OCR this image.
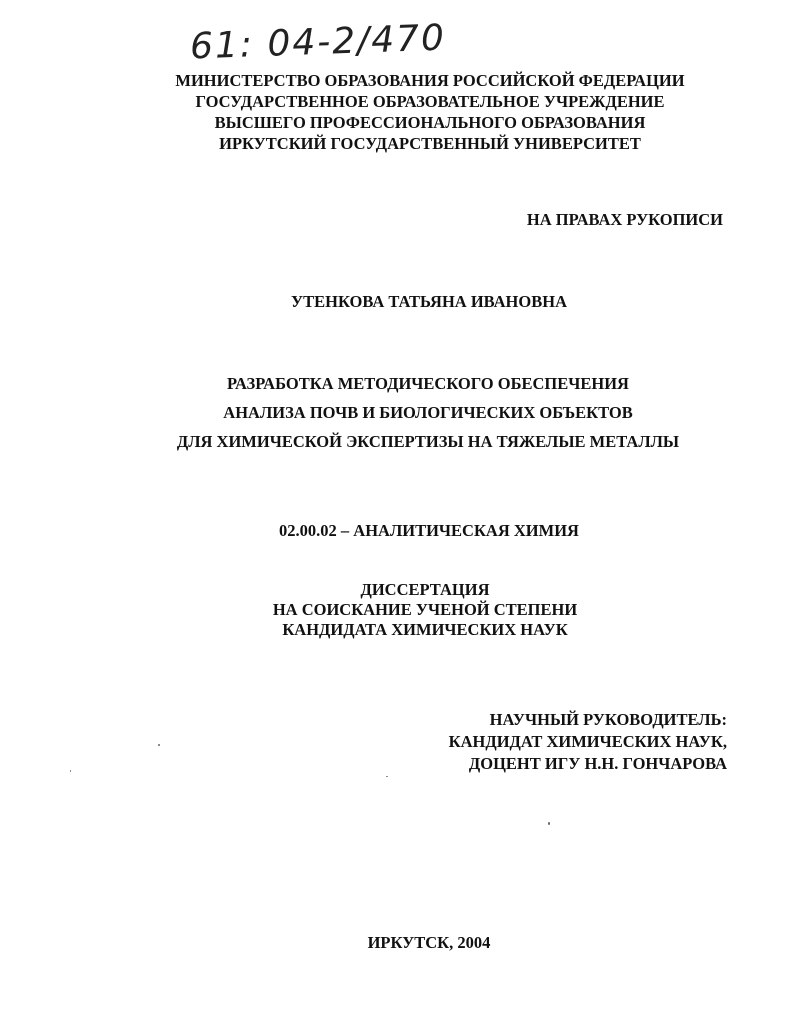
61: 04-2/470
МИНИСТЕРСТВО ОБРАЗОВАНИЯ РОССИЙСКОЙ ФЕДЕРАЦИИ
ГОСУДАРСТВЕННОЕ ОБРАЗОВАТЕЛЬНОЕ УЧРЕЖДЕНИЕ
ВЫСШЕГО ПРОФЕССИОНАЛЬНОГО ОБРАЗОВАНИЯ
ИРКУТСКИЙ ГОСУДАРСТВЕННЫЙ УНИВЕРСИТЕТ
НА ПРАВАХ РУКОПИСИ
УТЕНКОВА ТАТЬЯНА ИВАНОВНА
РАЗРАБОТКА МЕТОДИЧЕСКОГО ОБЕСПЕЧЕНИЯ
АНАЛИЗА ПОЧВ И БИОЛОГИЧЕСКИХ ОБЪЕКТОВ
ДЛЯ ХИМИЧЕСКОЙ ЭКСПЕРТИЗЫ НА ТЯЖЕЛЫЕ МЕТАЛЛЫ
02.00.02 – АНАЛИТИЧЕСКАЯ ХИМИЯ
ДИССЕРТАЦИЯ
НА СОИСКАНИЕ УЧЕНОЙ СТЕПЕНИ
КАНДИДАТА ХИМИЧЕСКИХ НАУК
НАУЧНЫЙ РУКОВОДИТЕЛЬ:
КАНДИДАТ ХИМИЧЕСКИХ НАУК,
ДОЦЕНТ ИГУ Н.Н. ГОНЧАРОВА
ИРКУТСК, 2004
